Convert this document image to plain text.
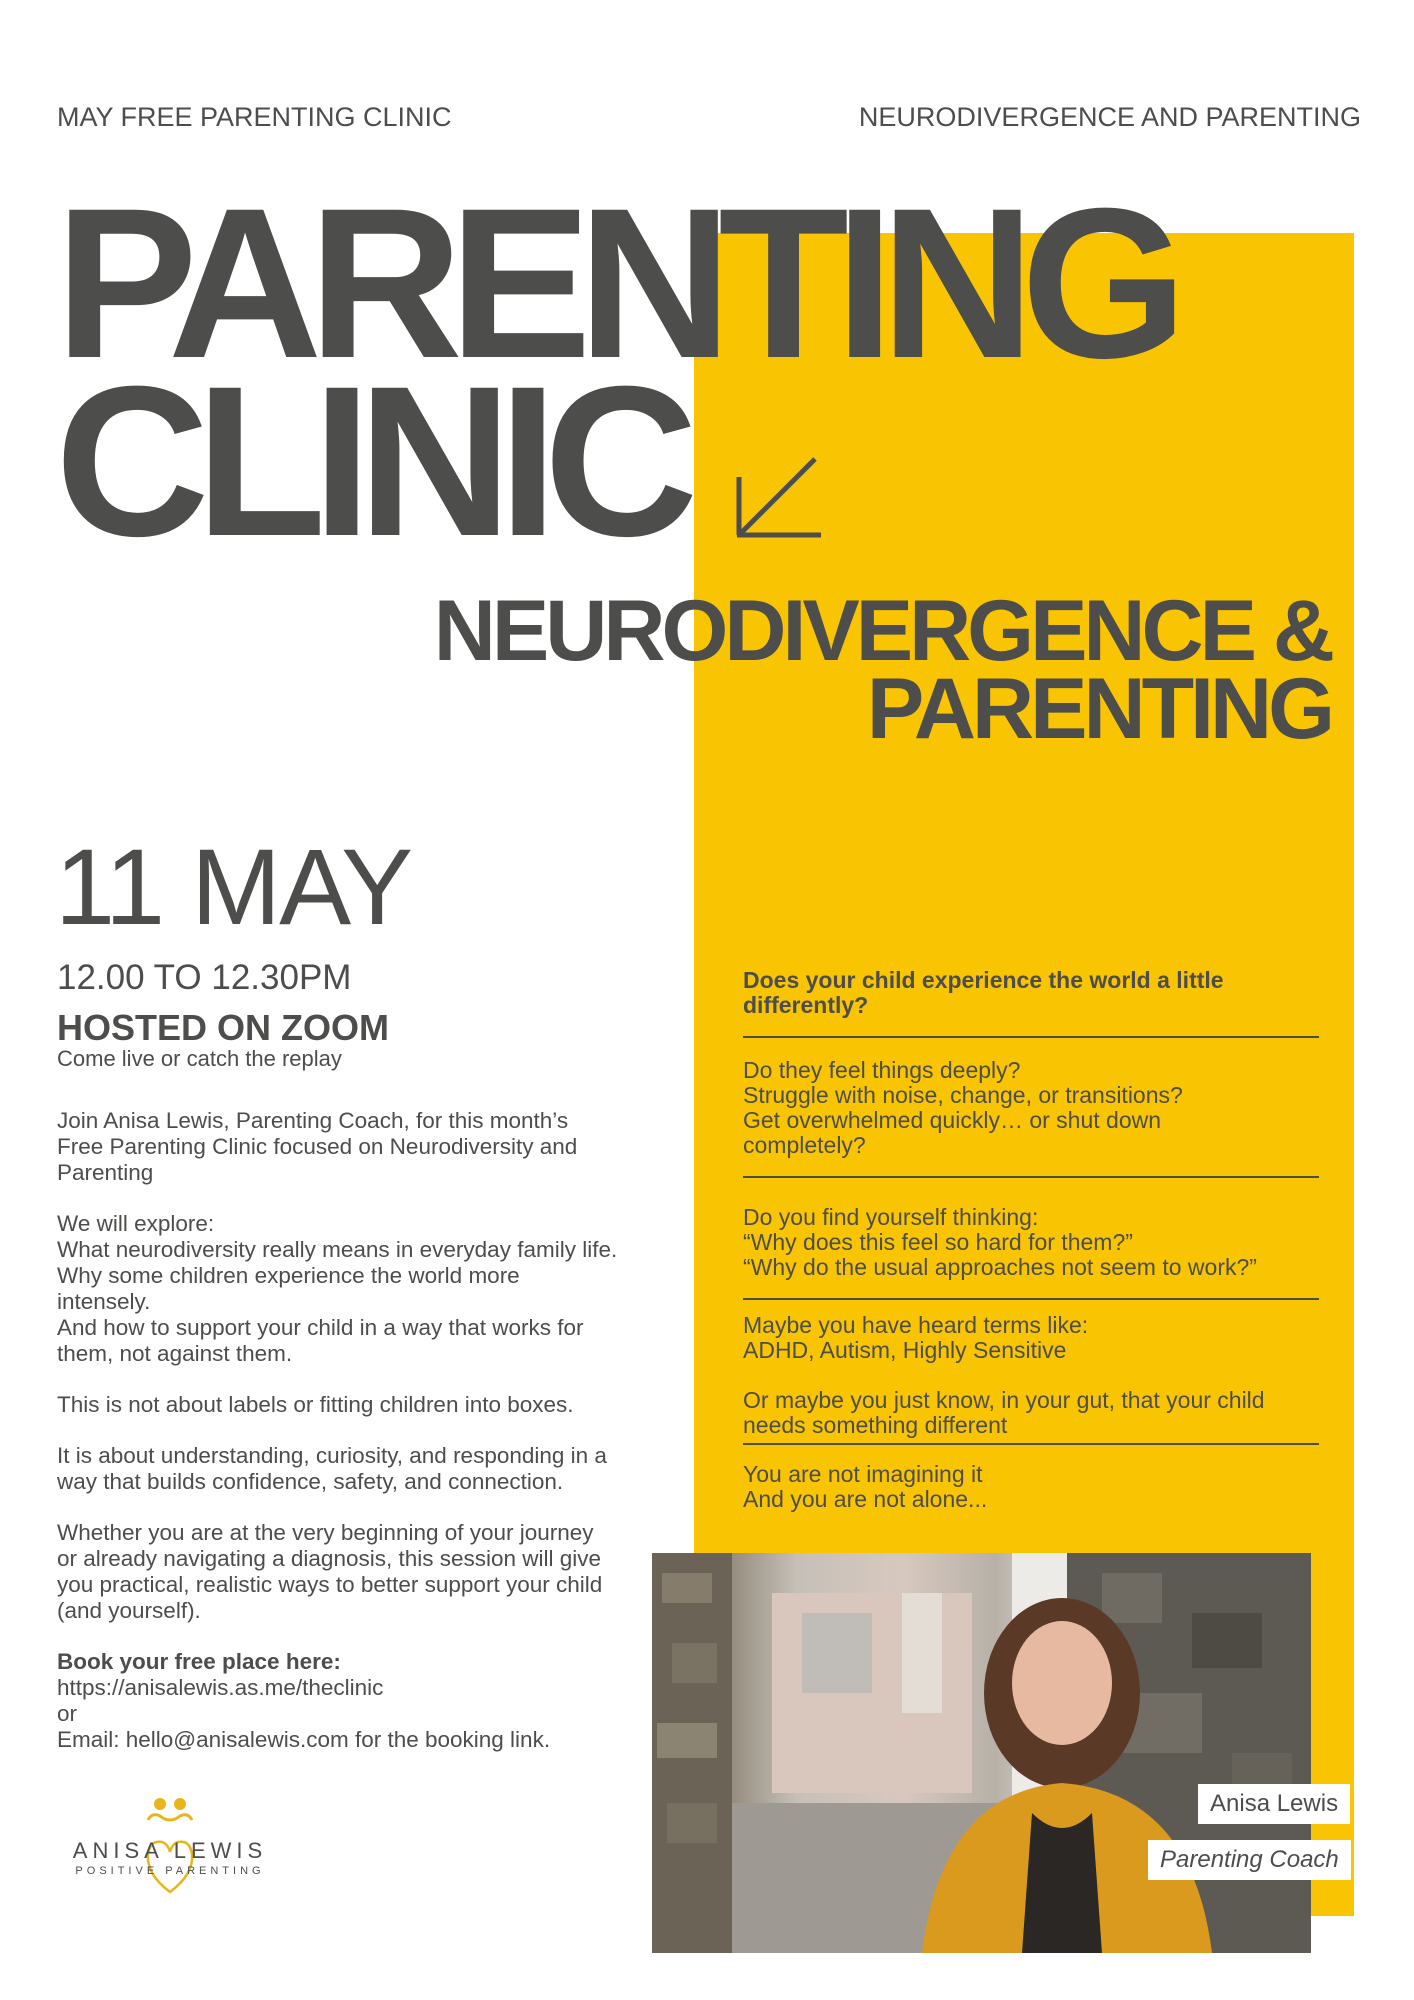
MAY FREE PARENTING CLINIC	NEURODIVERGENCE AND PARENTING
PARENTING
CLINIC
NEURODIVERGENCE &
PARENTING
11 MAY
12.00 TO 12.30PM
HOSTED ON ZOOM
Come live or catch the replay

Join Anisa Lewis, Parenting Coach, for this month’s
Free Parenting Clinic focused on Neurodiversity and
Parenting

We will explore:
What neurodiversity really means in everyday family life.
Why some children experience the world more
intensely.
And how to support your child in a way that works for
them, not against them.

This is not about labels or fitting children into boxes.

It is about understanding, curiosity, and responding in a
way that builds confidence, safety, and connection.

Whether you are at the very beginning of your journey
or already navigating a diagnosis, this session will give
you practical, realistic ways to better support your child
(and yourself).

Book your free place here:
https://anisalewis.as.me/theclinic
or
Email: hello@anisalewis.com for the booking link.

ANISA LEWIS
POSITIVE PARENTING
Does your child experience the world a little
differently?
Do they feel things deeply?
Struggle with noise, change, or transitions?
Get overwhelmed quickly… or shut down
completely?
Do you find yourself thinking:
“Why does this feel so hard for them?”
“Why do the usual approaches not seem to work?”
Maybe you have heard terms like:
ADHD, Autism, Highly Sensitive
Or maybe you just know, in your gut, that your child
needs something different
You are not imagining it
And you are not alone...
Anisa Lewis
Parenting Coach
